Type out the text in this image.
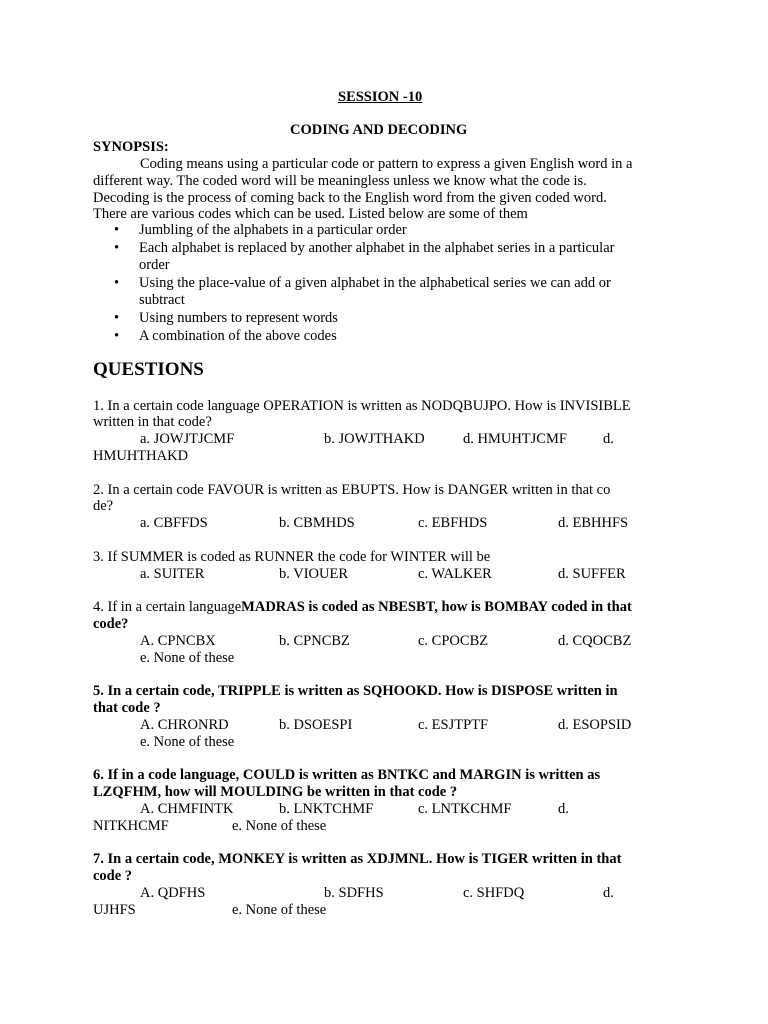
SESSION -10
CODING AND DECODING
SYNOPSIS:
Coding means using a particular code or pattern to express a given English word in a
different way. The coded word will be meaningless unless we know what the code is.
Decoding is the process of coming back to the English word from the given coded word.
There are various codes which can be used. Listed below are some of them
• Jumbling of the alphabets in a particular order
• Each alphabet is replaced by another alphabet in the alphabet series in a particular
order
• Using the place-value of a given alphabet in the alphabetical series we can add or
subtract
• Using numbers to represent words
• A combination of the above codes
QUESTIONS
1. In a certain code language OPERATION is written as NODQBUJPO. How is INVISIBLE
written in that code?
a. JOWJTJCMF	b. JOWJTHAKD	d. HMUHTJCMF d.
HMUHTHAKD
2. In a certain code FAVOUR is written as EBUPTS. How is DANGER written in that co
de?
a. CBFFDS	b. CBMHDS	c. EBFHDS	d. EBHHFS
3. If SUMMER is coded as RUNNER the code for WINTER will be
a. SUITER	b. VIOUER	c. WALKER	d. SUFFER
4. If in a certain languageMADRAS is coded as NBESBT, how is BOMBAY coded in that
code?
A. CPNCBX	b. CPNCBZ	c. CPOCBZ	d. CQOCBZ
e. None of these
5. In a certain code, TRIPPLE is written as SQHOOKD. How is DISPOSE written in
that code ?
A. CHRONRD	b. DSOESPI	c. ESJTPTF	d. ESOPSID
e. None of these
6. If in a code language, COULD is written as BNTKC and MARGIN is written as
LZQFHM, how will MOULDING be written in that code ?
A. CHMFINTK	b. LNKTCHMF	c. LNTKCHMF	d.
NITKHCMF	e. None of these
7. In a certain code, MONKEY is written as XDJMNL. How is TIGER written in that
code ?
A. QDFHS	b. SDFHS	c. SHFDQ	d.
UJHFS	e. None of these
